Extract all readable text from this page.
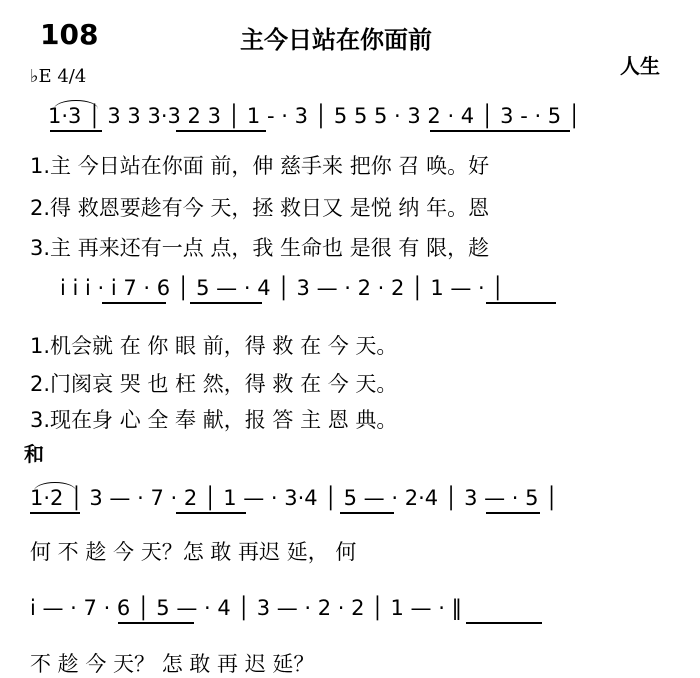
108	主今日站在你面前
人生
♭E 4/4
1·3 │ 3 3 3·3 2 3 │ 1 - · 3 │ 5 5 5 · 3 2 · 4 │ 3 - · 5 │
1.主 今日站在你面 前，伸 慈手来 把你 召 唤。好
2.得 救恩要趁有今 天，拯 救日又 是悦 纳 年。恩
3.主 再来还有一点 点，我 生命也 是很 有 限，趁
i i i · i 7 · 6 │ 5 — · 4 │ 3 — · 2 · 2 │ 1 — · │
1.机会就 在 你 眼 前，得 救 在 今 天。
2.门阂哀 哭 也 枉 然，得 救 在 今 天。
3.现在身 心 全 奉 献，报 答 主 恩 典。
和
1·2 │ 3 — · 7 · 2 │ 1 — · 3·4 │ 5 — · 2·4 │ 3 — · 5 │
何 不 趁 今 天？怎 敢 再迟 延， 何
i — · 7 · 6 │ 5 — · 4 │ 3 — · 2 · 2 │ 1 — · ‖
不 趁 今 天？ 怎 敢 再 迟 延？
